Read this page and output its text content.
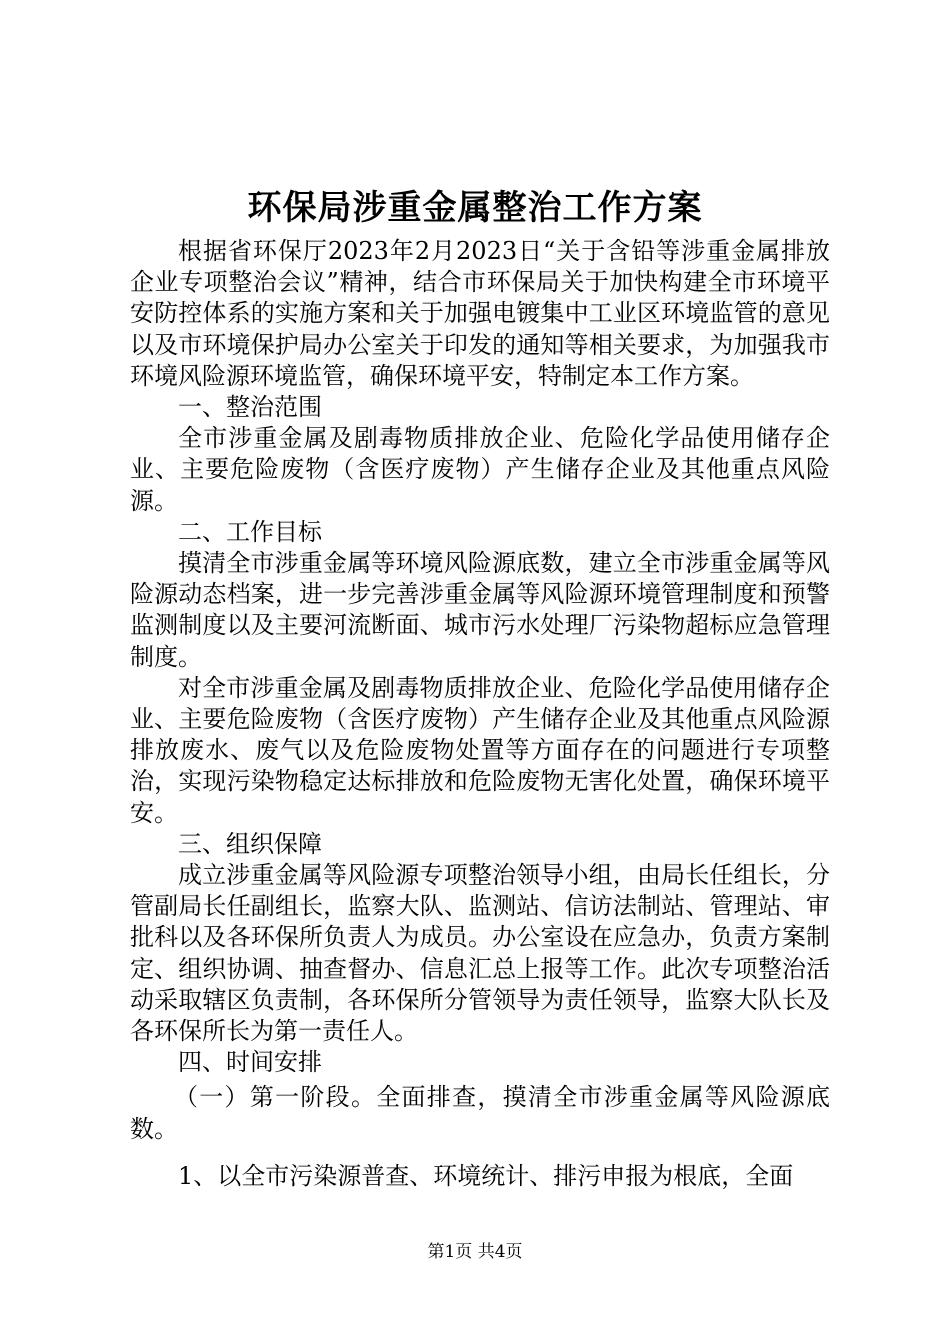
环保局涉重金属整治工作方案

根据省环保厅2023年2月2023日“关于含铅等涉重金属排放企业专项整治会议”精神，结合市环保局关于加快构建全市环境平安防控体系的实施方案和关于加强电镀集中工业区环境监管的意见以及市环境保护局办公室关于印发的通知等相关要求，为加强我市环境风险源环境监管，确保环境平安，特制定本工作方案。

一、整治范围

全市涉重金属及剧毒物质排放企业、危险化学品使用储存企业、主要危险废物（含医疗废物）产生储存企业及其他重点风险源。

二、工作目标

摸清全市涉重金属等环境风险源底数，建立全市涉重金属等风险源动态档案，进一步完善涉重金属等风险源环境管理制度和预警监测制度以及主要河流断面、城市污水处理厂污染物超标应急管理制度。

对全市涉重金属及剧毒物质排放企业、危险化学品使用储存企业、主要危险废物（含医疗废物）产生储存企业及其他重点风险源排放废水、废气以及危险废物处置等方面存在的问题进行专项整治，实现污染物稳定达标排放和危险废物无害化处置，确保环境平安。

三、组织保障

成立涉重金属等风险源专项整治领导小组，由局长任组长，分管副局长任副组长，监察大队、监测站、信访法制站、管理站、审批科以及各环保所负责人为成员。办公室设在应急办，负责方案制定、组织协调、抽查督办、信息汇总上报等工作。此次专项整治活动采取辖区负责制，各环保所分管领导为责任领导，监察大队长及各环保所长为第一责任人。

四、时间安排

（一）第一阶段。全面排查，摸清全市涉重金属等风险源底数。

1、以全市污染源普查、环境统计、排污申报为根底，全面

第1页 共4页
